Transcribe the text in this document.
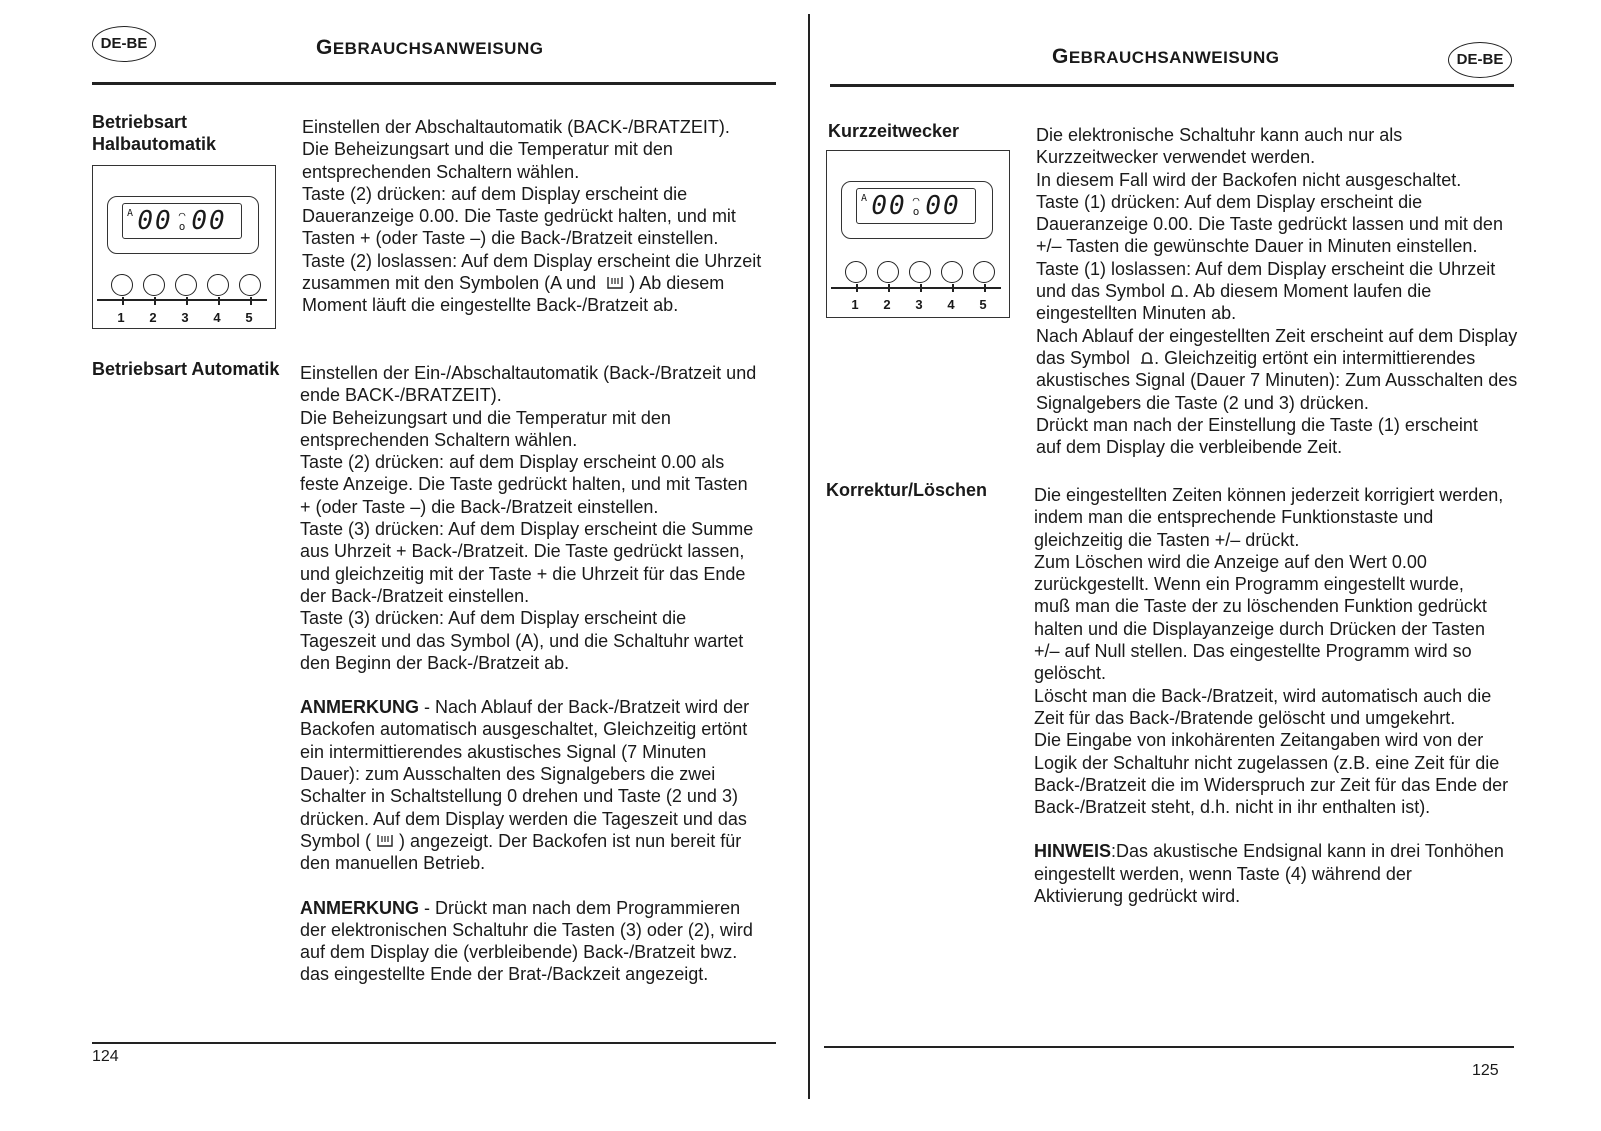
DE-BE	GEBRAUCHSANWEISUNG
Betriebsart
Halbautomatik
A 00 ◠
o 00
1	2	3	4	5

Einstellen der Abschaltautomatik (BACK-/BRATZEIT).

Die Beheizungsart und die Temperatur mit den

entsprechenden Schaltern wählen.

Taste (2) drücken: auf dem Display erscheint die

Daueranzeige 0.00. Die Taste gedrückt halten, und mit

Tasten + (oder Taste –) die Back-/Bratzeit einstellen.

Taste (2) loslassen: Auf dem Display erscheint die Uhrzeit

zusammen mit den Symbolen (A und ) Ab diesem

Moment läuft die eingestellte Back-/Bratzeit ab.

Betriebsart Automatik Einstellen der Ein-/Abschaltautomatik (Back-/Bratzeit und

ende BACK-/BRATZEIT).

Die Beheizungsart und die Temperatur mit den

entsprechenden Schaltern wählen.

Taste (2) drücken: auf dem Display erscheint 0.00 als

feste Anzeige. Die Taste gedrückt halten, und mit Tasten

+ (oder Taste –) die Back-/Bratzeit einstellen.

Taste (3) drücken: Auf dem Display erscheint die Summe

aus Uhrzeit + Back-/Bratzeit. Die Taste gedrückt lassen,

und gleichzeitig mit der Taste + die Uhrzeit für das Ende

der Back-/Bratzeit einstellen.

Taste (3) drücken: Auf dem Display erscheint die

Tageszeit und das Symbol (A), und die Schaltuhr wartet

den Beginn der Back-/Bratzeit ab.

ANMERKUNG - Nach Ablauf der Back-/Bratzeit wird der

Backofen automatisch ausgeschaltet, Gleichzeitig ertönt

ein intermittierendes akustisches Signal (7 Minuten

Dauer): zum Ausschalten des Signalgebers die zwei

Schalter in Schaltstellung 0 drehen und Taste (2 und 3)

drücken. Auf dem Display werden die Tageszeit und das

Symbol ( ) angezeigt. Der Backofen ist nun bereit für

den manuellen Betrieb.

ANMERKUNG - Drückt man nach dem Programmieren

der elektronischen Schaltuhr die Tasten (3) oder (2), wird

auf dem Display die (verbleibende) Back-/Bratzeit bwz.

das eingestellte Ende der Brat-/Backzeit angezeigt.

124
GEBRAUCHSANWEISUNG	DE-BE
Kurzzeitwecker
A 00 ◠
o 00
1	2	3	4	5

Die elektronische Schaltuhr kann auch nur als

Kurzzeitwecker verwendet werden.

In diesem Fall wird der Backofen nicht ausgeschaltet.

Taste (1) drücken: Auf dem Display erscheint die

Daueranzeige 0.00. Die Taste gedrückt lassen und mit den

+/– Tasten die gewünschte Dauer in Minuten einstellen.

Taste (1) loslassen: Auf dem Display erscheint die Uhrzeit

und das Symbol . Ab diesem Moment laufen die

eingestellten Minuten ab.

Nach Ablauf der eingestellten Zeit erscheint auf dem Display

das Symbol . Gleichzeitig ertönt ein intermittierendes

akustisches Signal (Dauer 7 Minuten): Zum Ausschalten des

Signalgebers die Taste (2 und 3) drücken.

Drückt man nach der Einstellung die Taste (1) erscheint

auf dem Display die verbleibende Zeit.

Korrektur/Löschen	Die eingestellten Zeiten können jederzeit korrigiert werden,

indem man die entsprechende Funktionstaste und

gleichzeitig die Tasten +/– drückt.

Zum Löschen wird die Anzeige auf den Wert 0.00

zurückgestellt. Wenn ein Programm eingestellt wurde,

muß man die Taste der zu löschenden Funktion gedrückt

halten und die Displayanzeige durch Drücken der Tasten

+/– auf Null stellen. Das eingestellte Programm wird so

gelöscht.

Löscht man die Back-/Bratzeit, wird automatisch auch die

Zeit für das Back-/Bratende gelöscht und umgekehrt.

Die Eingabe von inkohärenten Zeitangaben wird von der

Logik der Schaltuhr nicht zugelassen (z.B. eine Zeit für die

Back-/Bratzeit die im Widerspruch zur Zeit für das Ende der

Back-/Bratzeit steht, d.h. nicht in ihr enthalten ist).

HINWEIS:Das akustische Endsignal kann in drei Tonhöhen

eingestellt werden, wenn Taste (4) während der

Aktivierung gedrückt wird.

125
